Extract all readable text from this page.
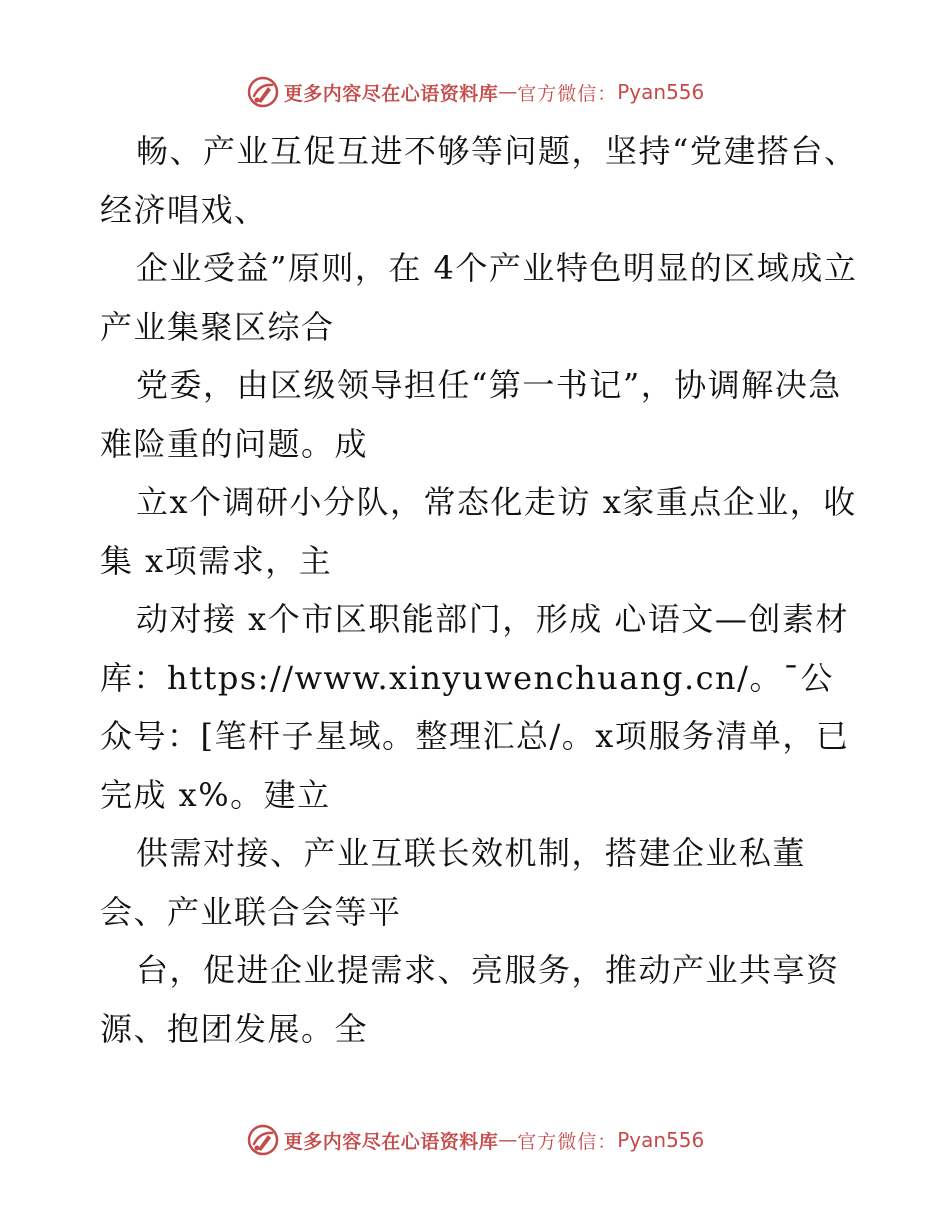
更多内容尽在心语资料库 — 官方微信： Pyan556

畅、产业互促互进不够等问题，坚持“党建搭台、经济唱戏、

企业受益”原则，在 4个产业特色明显的区域成立产业集聚区综合

党委，由区级领导担任“第一书记”，协调解决急难险重的问题。成

立x个调研小分队，常态化走访 x家重点企业，收集 x项需求，主

动对接 x个市区职能部门，形成 心语文—创素材库：https://www.xinyuwenchuang.cn/。¯公众号：[笔杆子星域。整理汇总/。x项服务清单，已完成 x%。建立

供需对接、产业互联长效机制，搭建企业私董会、产业联合会等平

台，促进企业提需求、亮服务，推动产业共享资源、抱团发展。全

更多内容尽在心语资料库 — 官方微信： Pyan556
